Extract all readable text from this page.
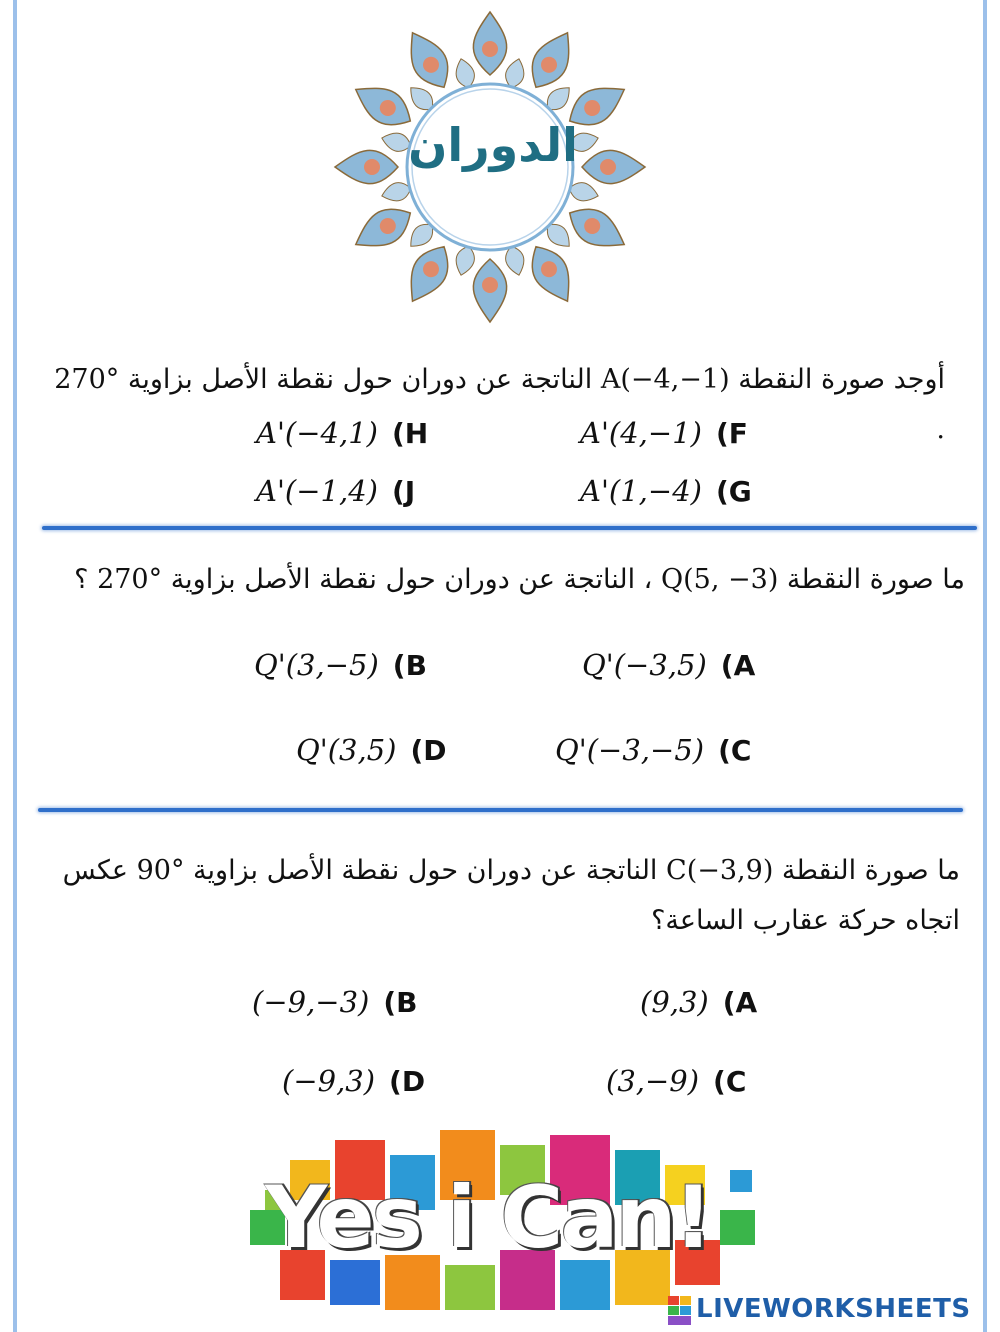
الدوران
أوجد صورة النقطة (1−,4−)A الناتجة عن دوران حول نقطة الأصل بزاوية °270 .
A'(4,−1) (F
A'(−4,1) (H
A'(1,−4) (G
A'(−1,4) (J
ما صورة النقطة (3− ,5)Q ، الناتجة عن دوران حول نقطة الأصل بزاوية °270 ؟
Q'(−3,5) (A
Q'(3,−5) (B
Q'(−3,−5) (C
Q'(3,5) (D
ما صورة النقطة (3,9−)C الناتجة عن دوران حول نقطة الأصل بزاوية °90 عكس اتجاه حركة عقارب الساعة؟
(9,3) (A
(−9,−3) (B
(3,−9) (C
(−9,3) (D
Yes i Can!
LIVEWORKSHEETS
